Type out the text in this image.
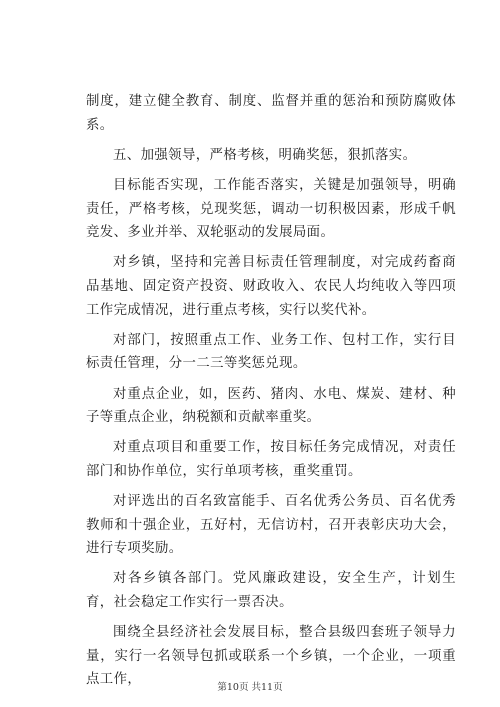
制度，建立健全教育、制度、监督并重的惩治和预防腐败体系。

五、加强领导，严格考核，明确奖惩，狠抓落实。

目标能否实现，工作能否落实，关键是加强领导，明确责任，严格考核，兑现奖惩，调动一切积极因素，形成千帆竞发、多业并举、双轮驱动的发展局面。

对乡镇，坚持和完善目标责任管理制度，对完成药畜商品基地、固定资产投资、财政收入、农民人均纯收入等四项工作完成情况，进行重点考核，实行以奖代补。

对部门，按照重点工作、业务工作、包村工作，实行目标责任管理，分一二三等奖惩兑现。

对重点企业，如，医药、猪肉、水电、煤炭、建材、种子等重点企业，纳税额和贡献率重奖。

对重点项目和重要工作，按目标任务完成情况，对责任部门和协作单位，实行单项考核，重奖重罚。

对评选出的百名致富能手、百名优秀公务员、百名优秀教师和十强企业，五好村，无信访村，召开表彰庆功大会，进行专项奖励。

对各乡镇各部门。党风廉政建设，安全生产，计划生育，社会稳定工作实行一票否决。

围绕全县经济社会发展目标，整合县级四套班子领导力量，实行一名领导包抓或联系一个乡镇，一个企业，一项重点工作，

第10页 共11页
